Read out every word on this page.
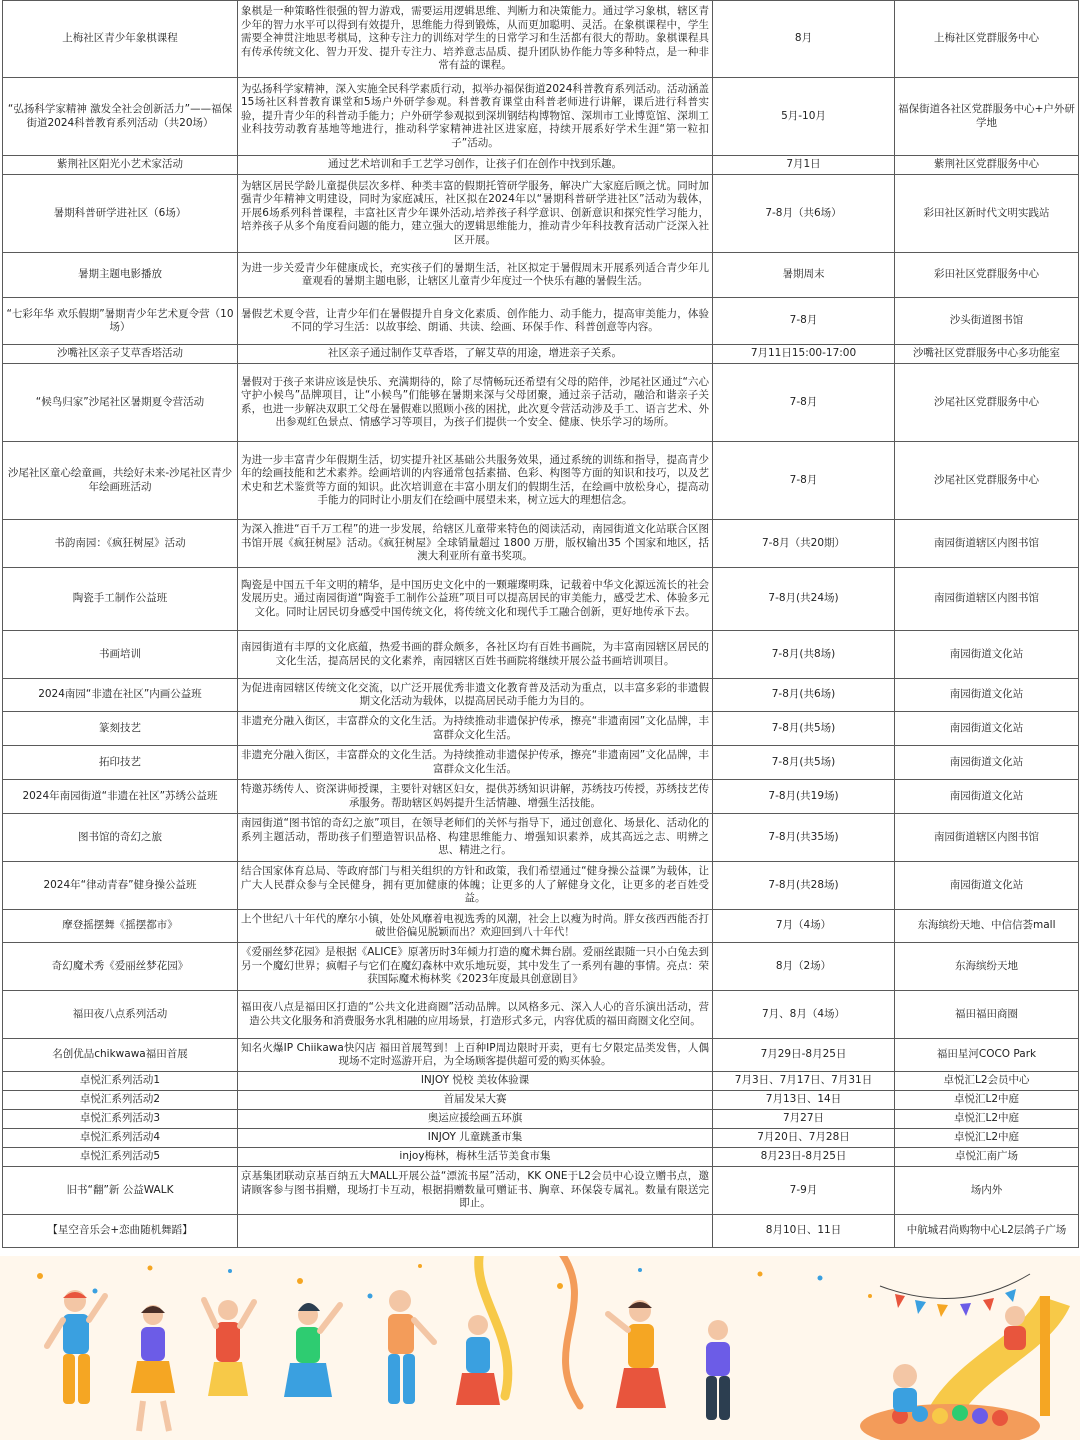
上梅社区青少年象棋课程	象棋是一种策略性很强的智力游戏，需要运用逻辑思维、判断力和决策能力。通过学习象棋，辖区青少年的智力水平可以得到有效提升，思维能力得到锻炼，从而更加聪明、灵活。在象棋课程中，学生需要全神贯注地思考棋局，这种专注力的训练对学生的日常学习和生活都有很大的帮助。象棋课程具有传承传统文化、智力开发、提升专注力、培养意志品质、提升团队协作能力等多种特点，是一种非常有益的课程。	8月	上梅社区党群服务中心
“弘扬科学家精神 激发全社会创新活力”——福保街道2024科普教育系列活动（共20场）	为弘扬科学家精神，深入实施全民科学素质行动，拟举办福保街道2024科普教育系列活动。活动涵盖15场社区科普教育课堂和5场户外研学参观。科普教育课堂由科普老师进行讲解，课后进行科普实验，提升青少年的科普动手能力；户外研学参观拟到深圳钢结构博物馆、深圳市工业博览馆、深圳工业科技劳动教育基地等地进行，推动科学家精神进社区进家庭，持续开展系好学术生涯“第一粒扣子”活动。	5月-10月	福保街道各社区党群服务中心+户外研学地
紫荆社区阳光小艺术家活动	通过艺术培训和手工艺学习创作，让孩子们在创作中找到乐趣。	7月1日	紫荆社区党群服务中心
暑期科普研学进社区（6场）	为辖区居民学龄儿童提供层次多样、种类丰富的假期托管研学服务，解决广大家庭后顾之忧。同时加强青少年精神文明建设，同时为家庭减压，社区拟在2024年以“暑期科普研学进社区”活动为载体，开展6场系列科普课程，丰富社区青少年课外活动,培养孩子科学意识、创新意识和探究性学习能力，培养孩子从多个角度看问题的能力，建立强大的逻辑思维能力，推动青少年科技教育活动广泛深入社区开展。	7-8月（共6场）	彩田社区新时代文明实践站
暑期主题电影播放	为进一步关爱青少年健康成长，充实孩子们的暑期生活，社区拟定于暑假周末开展系列适合青少年儿童观看的暑期主题电影，让辖区儿童青少年度过一个快乐有趣的暑假生活。	暑期周末	彩田社区党群服务中心
“七彩年华 欢乐假期”暑期青少年艺术夏令营（10场）	暑假艺术夏令营，让青少年们在暑假提升自身文化素质、创作能力、动手能力，提高审美能力，体验不同的学习生活：以故事绘、朗诵、共读、绘画、环保手作、科普创意等内容。	7-8月	沙头街道图书馆
沙嘴社区亲子艾草香塔活动	社区亲子通过制作艾草香塔，了解艾草的用途，增进亲子关系。	7月11日15:00-17:00	沙嘴社区党群服务中心多功能室
“候鸟归家”沙尾社区暑期夏令营活动	暑假对于孩子来讲应该是快乐、充满期待的，除了尽情畅玩还希望有父母的陪伴，沙尾社区通过“六心守护小候鸟”品牌项目，让“小候鸟”们能够在暑期来深与父母团聚，通过亲子活动，融洽和谐亲子关系，也进一步解决双职工父母在暑假难以照顾小孩的困扰，此次夏令营活动涉及手工、语言艺术、外出参观红色景点、情感学习等项目，为孩子们提供一个安全、健康、快乐学习的场所。	7-8月	沙尾社区党群服务中心
沙尾社区童心绘童画，共绘好未来-沙尾社区青少年绘画班活动	为进一步丰富青少年假期生活，切实提升社区基础公共服务效果，通过系统的训练和指导，提高青少年的绘画技能和艺术素养。绘画培训的内容通常包括素描、色彩、构图等方面的知识和技巧，以及艺术史和艺术鉴赏等方面的知识。此次培训意在丰富小朋友们的假期生活，在绘画中放松身心，提高动手能力的同时让小朋友们在绘画中展望未来，树立远大的理想信念。	7-8月	沙尾社区党群服务中心
书韵南园：《疯狂树屋》活动	为深入推进“百千万工程”的进一步发展，给辖区儿童带来特色的阅读活动，南园街道文化站联合区图书馆开展《疯狂树屋》活动。《疯狂树屋》全球销量超过 1800 万册，版权输出35 个国家和地区，括澳大利亚所有童书奖项。	7-8月（共20期）	南园街道辖区内图书馆
陶瓷手工制作公益班	陶瓷是中国五千年文明的精华，是中国历史文化中的一颗璀璨明珠，记载着中华文化源远流长的社会发展历史。通过南园街道“陶瓷手工制作公益班”项目可以提高居民的审美能力，感受艺术、体验多元文化。同时让居民切身感受中国传统文化，将传统文化和现代手工融合创新，更好地传承下去。	7-8月(共24场)	南园街道辖区内图书馆
书画培训	南园街道有丰厚的文化底蕴，热爱书画的群众颇多，各社区均有百姓书画院，为丰富南园辖区居民的文化生活，提高居民的文化素养，南园辖区百姓书画院将继续开展公益书画培训项目。	7-8月(共8场)	南园街道文化站
2024南园“非遗在社区”内画公益班	为促进南园辖区传统文化交流，以广泛开展优秀非遗文化教育普及活动为重点，以丰富多彩的非遗假期文化活动为载体，以提高居民动手能力为目的。	7-8月(共6场)	南园街道文化站
篆刻技艺	非遗充分融入街区，丰富群众的文化生活。为持续推动非遗保护传承，擦亮“非遗南园”文化品牌，丰富群众文化生活。	7-8月(共5场)	南园街道文化站
拓印技艺	非遗充分融入街区，丰富群众的文化生活。为持续推动非遗保护传承，擦亮“非遗南园”文化品牌，丰富群众文化生活。	7-8月(共5场)	南园街道文化站
2024年南园街道“非遗在社区”苏绣公益班	特邀苏绣传人、资深讲师授课，主要针对辖区妇女，提供苏绣知识讲解，苏绣技巧传授，苏绣技艺传承服务。帮助辖区妈妈提升生活情趣、增强生活技能。	7-8月(共19场)	南园街道文化站
图书馆的奇幻之旅	南园街道“图书馆的奇幻之旅”项目，在领导老师们的关怀与指导下，通过创意化、场景化、活动化的系列主题活动，帮助孩子们塑造智识品格、构建思维能力、增强知识素养，成其高远之志、明辨之思、精进之行。	7-8月(共35场)	南园街道辖区内图书馆
2024年“律动青春”健身操公益班	结合国家体育总局、等政府部门与相关组织的方针和政策，我们希望通过“健身操公益课”为载体，让广大人民群众参与全民健身，拥有更加健康的体魄；让更多的人了解健身文化，让更多的老百姓受益。	7-8月(共28场)	南园街道文化站
摩登摇摆舞《摇摆都市》	上个世纪八十年代的摩尔小镇，处处风靡着电视选秀的风潮，社会上以瘦为时尚。胖女孩西西能否打破世俗偏见脱颖而出？欢迎回到八十年代！	7月（4场）	东海缤纷天地、中信信荟mall
奇幻魔术秀《爱丽丝梦花园》	《爱丽丝梦花园》是根据《ALICE》原著历时3年倾力打造的魔术舞台剧。爱丽丝跟随一只小白兔去到另一个魔幻世界；疯帽子与它们在魔幻森林中欢乐地玩耍，其中发生了一系列有趣的事情。亮点：荣获国际魔术梅林奖《2023年度最具创意剧目》	8月（2场）	东海缤纷天地
福田夜八点系列活动	福田夜八点是福田区打造的“公共文化进商圈”活动品牌。以风格多元、深入人心的音乐演出活动，营造公共文化服务和消费服务水乳相融的应用场景，打造形式多元，内容优质的福田商圈文化空间。	7月、8月（4场）	福田福田商圈
名创优品chikwawa福田首展	知名火爆IP Chiikawa快闪店 福田首展驾到！上百种IP周边限时开卖，更有七夕限定品类发售，人偶现场不定时巡游开启，为全场顾客提供超可爱的购买体验。	7月29日-8月25日	福田星河COCO Park
卓悦汇系列活动1	INJOY 悦校 美妆体验课	7月3日、7月17日、7月31日	卓悦汇L2会员中心
卓悦汇系列活动2	首届发呆大赛	7月13日、14日	卓悦汇L2中庭
卓悦汇系列活动3	奥运应援绘画五环旗	7月27日	卓悦汇L2中庭
卓悦汇系列活动4	INJOY 儿童跳蚤市集	7月20日、7月28日	卓悦汇L2中庭
卓悦汇系列活动5	injoy梅林，梅林生活节美食市集	8月23日-8月25日	卓悦汇南广场
旧书“翻”新 公益WALK	京基集团联动京基百纳五大MALL开展公益“漂流书屋”活动，KK ONE于L2会员中心设立赠书点，邀请顾客参与图书捐赠，现场打卡互动，根据捐赠数量可赠证书、胸章、环保袋专属礼。数量有限送完即止。	7-9月	场内外
【星空音乐会+恋曲随机舞蹈】		8月10日、11日	中航城君尚购物中心L2层鸽子广场
